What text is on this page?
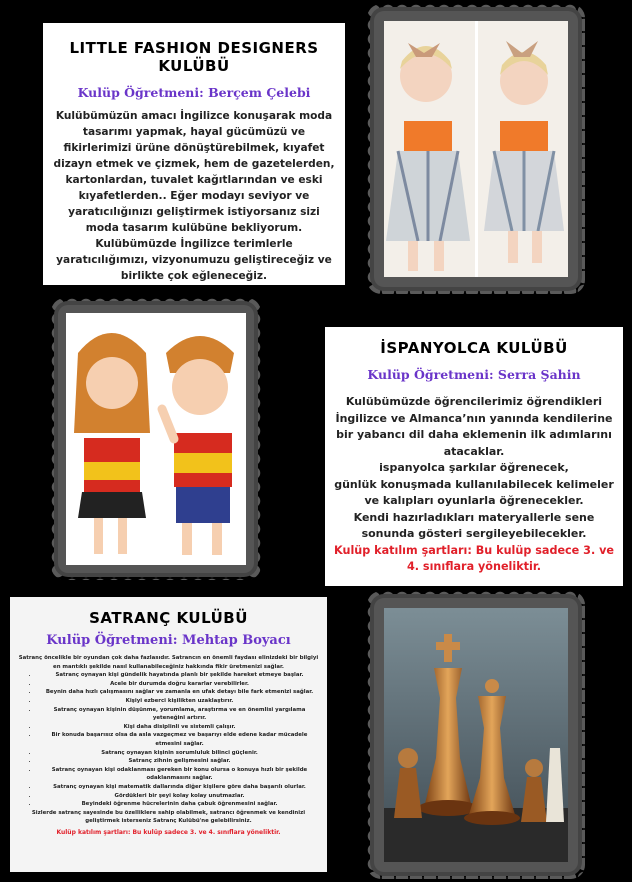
LITTLE FASHION DESIGNERS KULÜBÜ
Kulüp Öğretmeni: Berçem Çelebi
Kulübümüzün amacı İngilizce konuşarak moda tasarımı yapmak, hayal gücümüzü ve fikirlerimizi ürüne dönüştürebilmek, kıyafet dizayn etmek ve çizmek, hem de gazetelerden, kartonlardan, tuvalet kağıtlarından ve eski kıyafetlerden.. Eğer modayı seviyor ve yaratıcılığınızı geliştirmek istiyorsanız sizi moda tasarım kulübüne bekliyorum. Kulübümüzde İngilizce terimlerle yaratıcılığımızı, vizyonumuzu geliştireceğiz ve birlikte çok eğleneceğiz.
İSPANYOLCA KULÜBÜ
Kulüp Öğretmeni: Serra Şahin
Kulübümüzde öğrencilerimiz öğrendikleri İngilizce ve Almanca’nın yanında kendilerine bir yabancı dil daha eklemenin ilk adımlarını atacaklar.
ispanyolca şarkılar öğrenecek,
günlük konuşmada kullanılabilecek kelimeler
ve kalıpları oyunlarla öğrenecekler.
Kendi hazırladıkları materyallerle sene sonunda gösteri sergileyebilecekler.
Kulüp katılım şartları: Bu kulüp sadece 3. ve 4. sınıflara yöneliktir.
SATRANÇ KULÜBÜ
Kulüp Öğretmeni: Mehtap Boyacı
Satranç öncelikle bir oyundan çok daha fazlasıdır. Satrancın en önemli faydası elinizdeki bir bilgiyi en mantıklı şekilde nasıl kullanabileceğiniz hakkında fikir üretmenizi sağlar.
• Satranç oynayan kişi gündelik hayatında planlı bir şekilde hareket etmeye başlar.
• Acele bir durumda doğru kararlar verebilirler.
• Beynin daha hızlı çalışmasını sağlar ve zamanla en ufak detayı bile fark etmenizi sağlar.
• Kişiyi ezberci kişilikten uzaklaştırır.
• Satranç oynayan kişinin düşünme, yorumlama, araştırma ve en önemlisi yargılama yeteneğini artırır.
• Kişi daha disiplinli ve sistemli çalışır.
• Bir konuda başarısız olsa da asla vazgeçmez ve başarıyı elde edene kadar mücadele etmesini sağlar.
• Satranç oynayan kişinin sorumluluk bilinci güçlenir.
• Satranç zihnin gelişmesini sağlar.
• Satranç oynayan kişi odaklanması gereken bir konu olursa o konuya hızlı bir şekilde odaklanmasını sağlar.
• Satranç oynayan kişi matematik dallarında diğer kişilere göre daha başarılı olurlar.
• Gördükleri bir şeyi kolay kolay unutmazlar.
• Beyindeki öğrenme hücrelerinin daha çabuk öğrenmesini sağlar.
Sizlerde satranç sayesinde bu özelliklere sahip olabilmek, satrancı öğrenmek ve kendinizi geliştirmek isterseniz Satranç Kulübü'ne gelebilirsiniz.
Kulüp katılım şartları: Bu kulüp sadece 3. ve 4. sınıflara yöneliktir.
